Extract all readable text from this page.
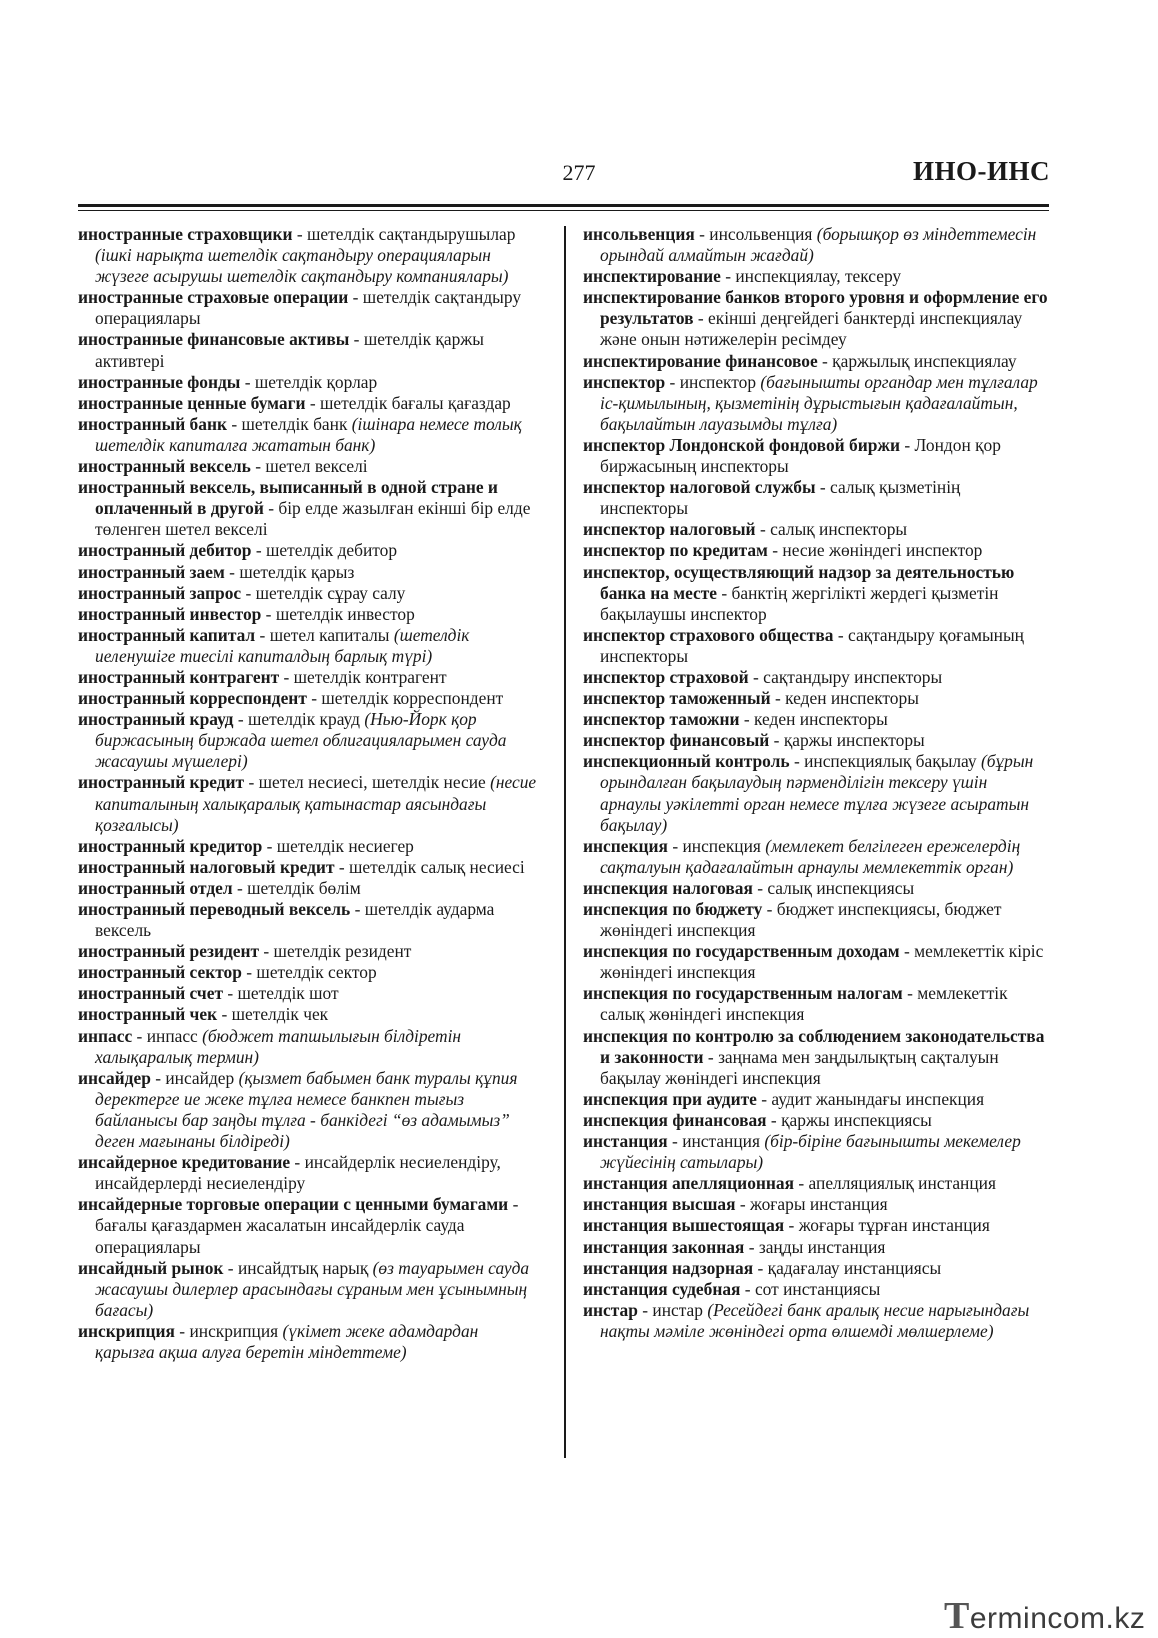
277	ИНО-ИНС

иностранные страховщики - шетелдік сақтандырушылар (ішкі нарықта шетелдік сақтандыру операцияларын жүзеге асырушы шетелдік сақтандыру компаниялары)

иностранные страховые операции - шетелдік сақтандыру операциялары

иностранные финансовые активы - шетелдік қаржы активтері

иностранные фонды - шетелдік қорлар

иностранные ценные бумаги - шетелдік бағалы қағаздар

иностранный банк - шетелдік банк (ішінара немесе толық шетелдік капиталға жататын банк)

иностранный вексель - шетел вексeлі

иностранный вексель, выписанный в одной стране и оплаченный в другой - бір елде жазылған екінші бір елде төленген шетел вексeлі

иностранный дебитор - шетелдік дебитор

иностранный заем - шетелдік қарыз

иностранный запрос - шетелдік сұрау салу

иностранный инвестор - шетелдік инвестор

иностранный капитал - шетел капиталы (шетелдік иеленушіге тиесілі капиталдың барлық түрі)

иностранный контрагент - шетелдік контрагент

иностранный корреспондент - шетелдік корреспондент

иностранный крауд - шетелдік крауд (Нью-Йорк қор биржасының биржада шетел облигацияларымен сауда жасаушы мүшелері)

иностранный кредит - шетел несиесі, шетелдік несие (несие капиталының халықаралық қатынастар аясындағы қозғалысы)

иностранный кредитор - шетелдік несиегер

иностранный налоговый кредит - шетелдік салық несиесі

иностранный отдел - шетелдік бөлім

иностранный переводный вексель - шетелдік аударма вексель

иностранный резидент - шетелдік резидент

иностранный сектор - шетелдік сектор

иностранный счет - шетелдік шот

иностранный чек - шетелдік чек

инпасс - инпасс (бюджет тапшылығын білдіретін халықаралық термин)

инсайдер - инсайдер (қызмет бабымен банк туралы құпия деректерге ие жеке тұлға немесе банкпен тығыз байланысы бар заңды тұлға - банкідегі “өз адамымыз” деген мағынаны білдіреді)

инсайдерное кредитование - инсайдерлік несиелендіру, инсайдерлерді несиелендіру

инсайдерные торговые операции с ценными бумагами - бағалы қағаздармен жасалатын инсайдерлік сауда операциялары

инсайдный рынок - инсайдтық нарық (өз тауарымен сауда жасаушы дилерлер арасындағы сұраным мен ұсынымның бағасы)

инскрипция - инскрипция (үкімет жеке адамдардан қарызға ақша алуға беретін міндеттеме)

инсольвенция - инсольвенция (борышқор өз міндеттемесін орындай алмайтын жағдай)

инспектирование - инспекциялау, тексеру

инспектирование банков второго уровня и оформление его результатов - екінші деңгейдегі банктерді инспекциялау және онын нәтижелерін ресімдеу

инспектирование финансовое - қаржылық инспекциялау

инспектор - инспектор (бағынышты органдар мен тұлғалар іс-қимылының, қызметінің дұрыстығын қадағалайтын, бақылайтын лауазымды тұлға)

инспектор Лондонской фондовой биржи - Лондон қор биржасының инспекторы

инспектор налоговой службы - салық қызметінің инспекторы

инспектор налоговый - салық инспекторы

инспектор по кредитам - несие жөніндегі инспектор

инспектор, осуществляющий надзор за деятельностью банка на месте - банктің жергілікті жердегі қызметін бақылаушы инспектор

инспектор страхового общества - сақтандыру қоғамының инспекторы

инспектор страховой - сақтандыру инспекторы

инспектор таможенный - кеден инспекторы

инспектор таможни - кеден инспекторы

инспектор финансовый - қаржы инспекторы

инспекционный контроль - инспекциялық бақылау (бұрын орындалған бақылаудың пәрменділігін тексеру үшін арнаулы уәкілетті орган немесе тұлға жүзеге асыратын бақылау)

инспекция - инспекция (мемлекет белгілеген ережелердің сақталуын қадағалайтын арнаулы мемлекеттік орган)

инспекция налоговая - салық инспекциясы

инспекция по бюджету - бюджет инспекциясы, бюджет жөніндегі инспекция

инспекция по государственным доходам - мемлекеттік кіріс жөніндегі инспекция

инспекция по государственным налогам - мемлекеттік салық жөніндегі инспекция

инспекция по контролю за соблюдением законодательства и законности - заңнама мен заңдылықтың сақталуын бақылау жөніндегі инспекция

инспекция при аудите - аудит жанындағы инспекция

инспекция финансовая - қаржы инспекциясы

инстанция - инстанция (бір-біріне бағынышты мекемелер жүйесінің сатылары)

инстанция апелляционная - апелляциялық инстанция

инстанция высшая - жоғары инстанция

инстанция вышестоящая - жоғары тұрған инстанция

инстанция законная - заңды инстанция

инстанция надзорная - қадағалау инстанциясы

инстанция судебная - сот инстанциясы

инстар - инстар (Ресейдегі банк аралық несие нарығындағы нақты мәміле жөніндегі орта өлшемді мөлшерлеме)

Termincom.kz
